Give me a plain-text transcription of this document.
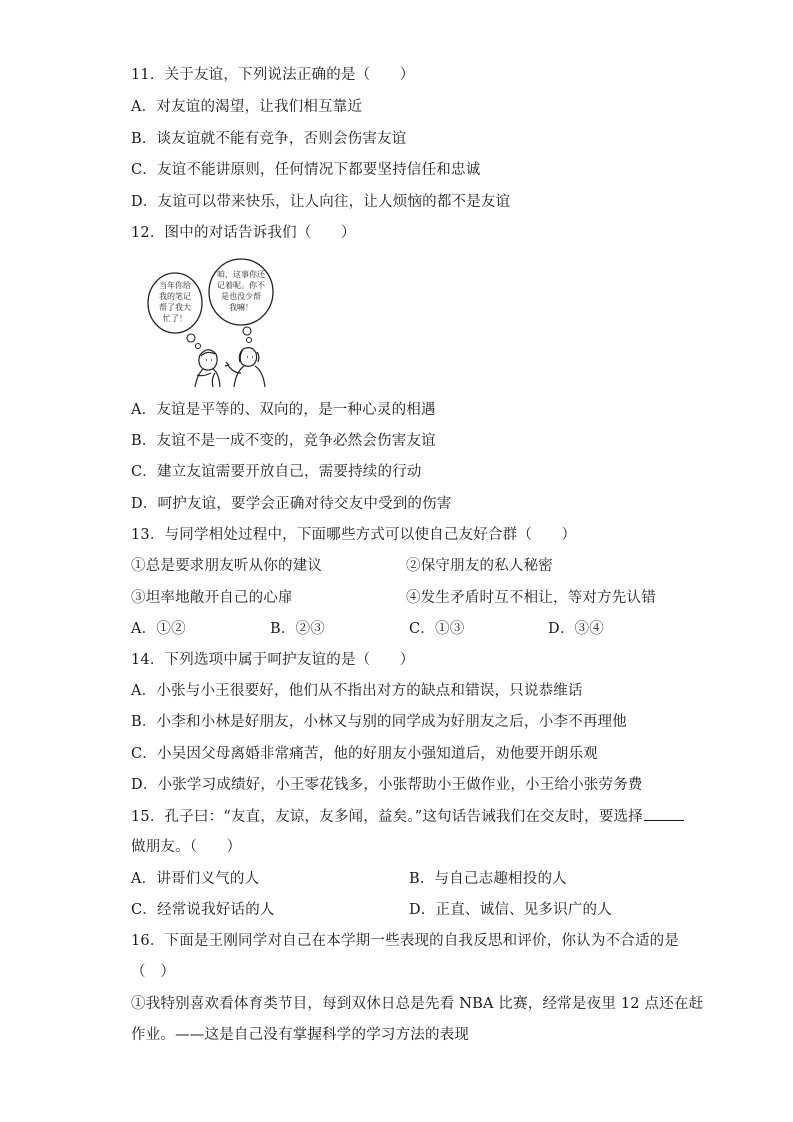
11．关于友谊，下列说法正确的是（　　）
A．对友谊的渴望，让我们相互靠近
B．谈友谊就不能有竞争，否则会伤害友谊
C．友谊不能讲原则，任何情况下都要坚持信任和忠诚
D．友谊可以带来快乐，让人向往，让人烦恼的都不是友谊
12．图中的对话告诉我们（　　）
当年你给
我的笔记
帮了我大
忙了！
咱，这事你还
记着呢。你不
是也没少帮
我嘛！
A．友谊是平等的、双向的，是一种心灵的相遇
B．友谊不是一成不变的，竞争必然会伤害友谊
C．建立友谊需要开放自己，需要持续的行动
D．呵护友谊，要学会正确对待交友中受到的伤害
13．与同学相处过程中，下面哪些方式可以使自己友好合群（　　）
①总是要求朋友听从你的建议	②保守朋友的私人秘密
③坦率地敞开自己的心扉	④发生矛盾时互不相让，等对方先认错
A．①②	B．②③	C．①③	D．③④
14．下列选项中属于呵护友谊的是（　　）
A．小张与小王很要好，他们从不指出对方的缺点和错误，只说恭维话
B．小李和小林是好朋友，小林又与别的同学成为好朋友之后，小李不再理他
C．小吴因父母离婚非常痛苦，他的好朋友小强知道后，劝他要开朗乐观
D．小张学习成绩好，小王零花钱多，小张帮助小王做作业，小王给小张劳务费
15．孔子曰：“友直，友谅，友多闻，益矣。”这句话告诫我们在交友时，要选择
做朋友。（　　）
A．讲哥们义气的人	B．与自己志趣相投的人
C．经常说我好话的人	D．正直、诚信、见多识广的人
16．下面是王刚同学对自己在本学期一些表现的自我反思和评价，你认为不合适的是
（　）
①我特别喜欢看体育类节目，每到双休日总是先看 NBA 比赛，经常是夜里 12 点还在赶
作业。——这是自己没有掌握科学的学习方法的表现
